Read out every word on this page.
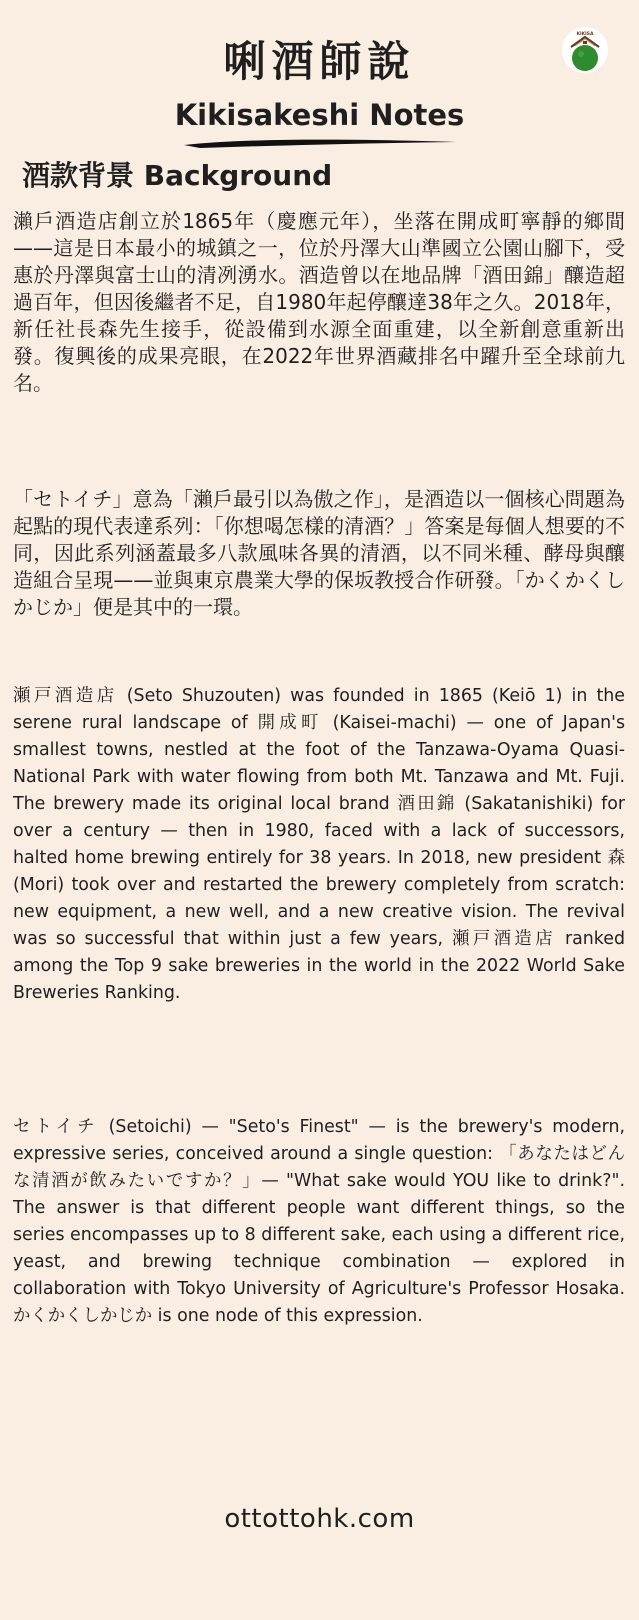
KIKISA
唎酒師說
Kikisakeshi Notes
酒款背景 Background

瀨戶酒造店創立於1865年（慶應元年），坐落在開成町寧靜的鄉間——這是日本最小的城鎮之一，位於丹澤大山準國立公園山腳下，受惠於丹澤與富士山的清冽湧水。酒造曾以在地品牌「酒田錦」釀造超過百年，但因後繼者不足，自1980年起停釀達38年之久。2018年，新任社長森先生接手，從設備到水源全面重建，以全新創意重新出發。復興後的成果亮眼，在2022年世界酒藏排名中躍升至全球前九名。

「セトイチ」意為「瀨戶最引以為傲之作」，是酒造以一個核心問題為起點的現代表達系列：「你想喝怎樣的清酒？」答案是每個人想要的不同，因此系列涵蓋最多八款風味各異的清酒，以不同米種、酵母與釀造組合呈現——並與東京農業大學的保坂教授合作研發。「かくかくしかじか」便是其中的一環。

瀬戸酒造店 (Seto Shuzouten) was founded in 1865 (Keiō 1) in the serene rural landscape of 開成町 (Kaisei-machi) — one of Japan's smallest towns, nestled at the foot of the Tanzawa-Oyama Quasi-National Park with water flowing from both Mt. Tanzawa and Mt. Fuji. The brewery made its original local brand 酒田錦 (Sakatanishiki) for over a century — then in 1980, faced with a lack of successors, halted home brewing entirely for 38 years. In 2018, new president 森 (Mori) took over and restarted the brewery completely from scratch: new equipment, a new well, and a new creative vision. The revival was so successful that within just a few years, 瀬戸酒造店 ranked among the Top 9 sake breweries in the world in the 2022 World Sake Breweries Ranking.

セトイチ (Setoichi) — "Seto's Finest" — is the brewery's modern, expressive series, conceived around a single question: 「あなたはどんな清酒が飲みたいですか？」— "What sake would YOU like to drink?". The answer is that different people want different things, so the series encompasses up to 8 different sake, each using a different rice, yeast, and brewing technique combination — explored in collaboration with Tokyo University of Agriculture's Professor Hosaka. かくかくしかじか is one node of this expression.

ottottohk.com
